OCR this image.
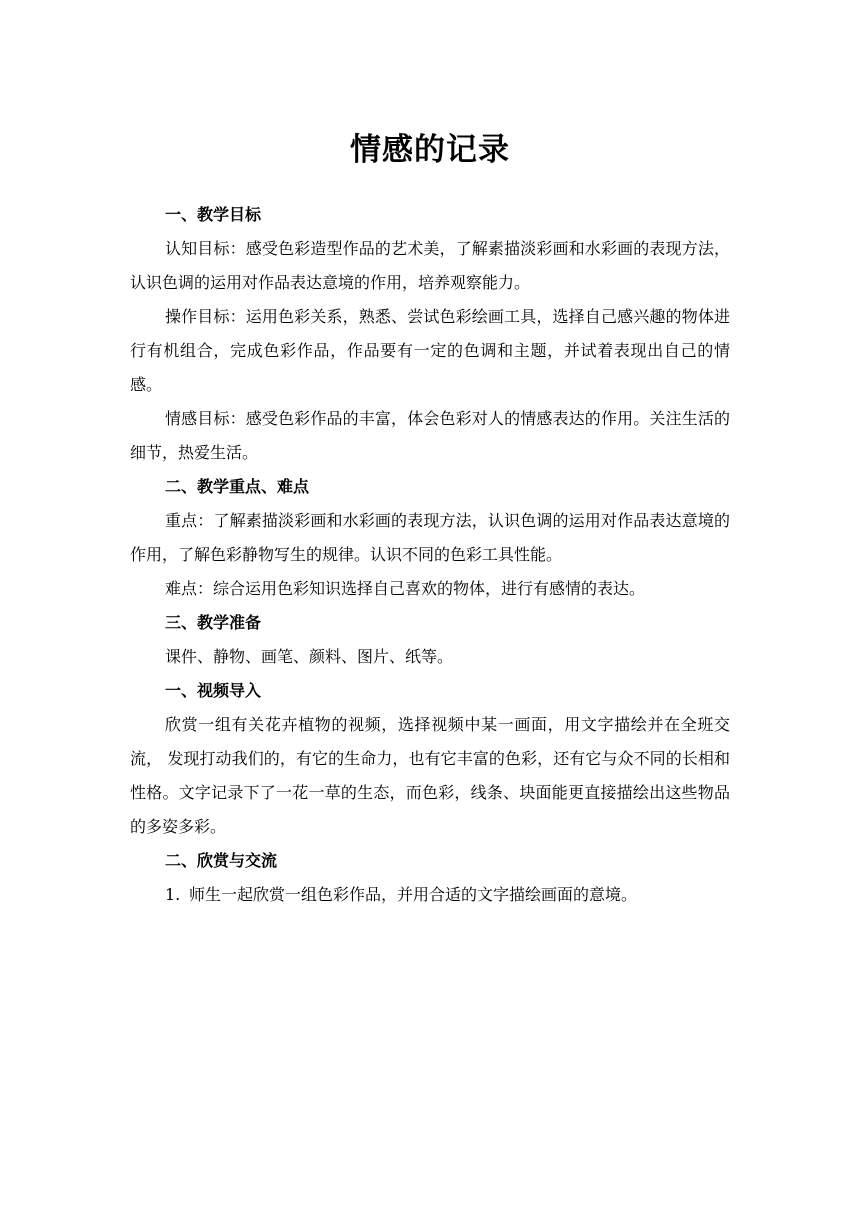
情感的记录

一、教学目标

认知目标：感受色彩造型作品的艺术美，了解素描淡彩画和水彩画的表现方法，认识色调的运用对作品表达意境的作用，培养观察能力。

操作目标：运用色彩关系，熟悉、尝试色彩绘画工具，选择自己感兴趣的物体进行有机组合，完成色彩作品，作品要有一定的色调和主题，并试着表现出自己的情感。

情感目标：感受色彩作品的丰富，体会色彩对人的情感表达的作用。关注生活的细节，热爱生活。

二、教学重点、难点

重点：了解素描淡彩画和水彩画的表现方法，认识色调的运用对作品表达意境的作用，了解色彩静物写生的规律。认识不同的色彩工具性能。

难点：综合运用色彩知识选择自己喜欢的物体，进行有感情的表达。

三、教学准备

课件、静物、画笔、颜料、图片、纸等。

一、视频导入

欣赏一组有关花卉植物的视频，选择视频中某一画面，用文字描绘并在全班交流， 发现打动我们的，有它的生命力，也有它丰富的色彩，还有它与众不同的长相和性格。文字记录下了一花一草的生态，而色彩，线条、块面能更直接描绘出这些物品的多姿多彩。

二、欣赏与交流

1. 师生一起欣赏一组色彩作品，并用合适的文字描绘画面的意境。
